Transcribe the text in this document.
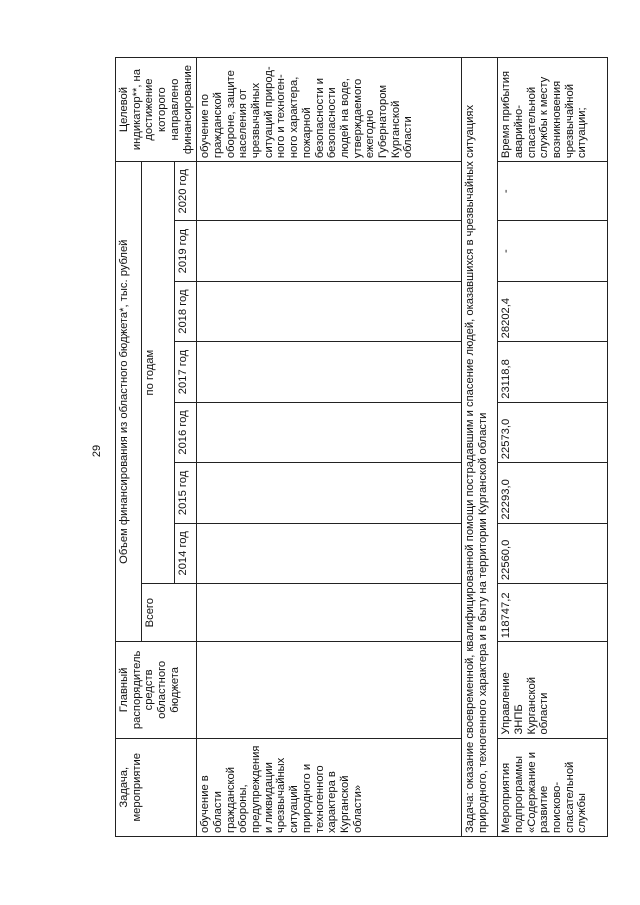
29
Задача, мероприятие	Главный распорядитель средств областного бюджета	Объем финансирования из областного бюджета*, тыс. рублей								Целевой индикатор**, на достижение которого направлено финансирование
		Всего	по годам							
			2014 год	2015 год	2016 год	2017 год	2018 год	2019 год	2020 год	
обучение в области гражданской обороны, предупреждения и ликвидации чрезвычайных ситуаций природного и техногенного характера в Курганской области»										обучение по гражданской обороне, защите населения от чрезвычайных ситуаций природ-ного и техноген-ного характера, пожарной безопасности и безопасности людей на воде, утверждаемого ежегодно Губернатором Курганской области
Задача: оказание своевременной, квалифицированной помощи пострадавшим и спасение людей, оказавшихся в чрезвычайных ситуациях природного, техногенного характера и в быту на территории Курганской области										
Мероприятия подпрограммы «Содержание и развитие поисково-спасательной службы	Управление ЗНПБ Курганской области	118747,2	22560,0	22293,0	22573,0	23118,8	28202,4	-	-	Время прибытия аварийно-спасательной службы к месту возникновения чрезвычайной ситуации;
